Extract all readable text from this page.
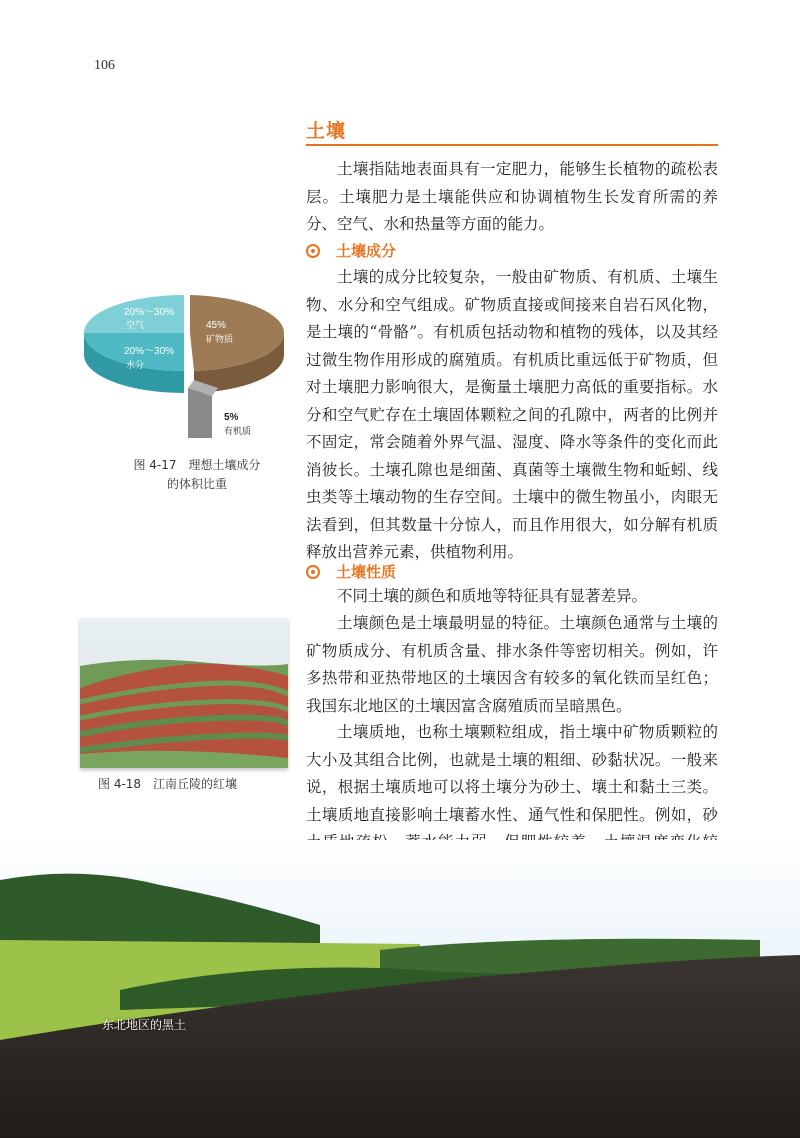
106
土壤

土壤指陆地表面具有一定肥力，能够生长植物的疏松表层。土壤肥力是土壤能供应和协调植物生长发育所需的养分、空气、水和热量等方面的能力。

土壤成分

土壤的成分比较复杂，一般由矿物质、有机质、土壤生物、水分和空气组成。矿物质直接或间接来自岩石风化物，是土壤的“骨骼”。有机质包括动物和植物的残体，以及其经过微生物作用形成的腐殖质。有机质比重远低于矿物质，但对土壤肥力影响很大，是衡量土壤肥力高低的重要指标。水分和空气贮存在土壤固体颗粒之间的孔隙中，两者的比例并不固定，常会随着外界气温、湿度、降水等条件的变化而此消彼长。土壤孔隙也是细菌、真菌等土壤微生物和蚯蚓、线虫类等土壤动物的生存空间。土壤中的微生物虽小，肉眼无法看到，但其数量十分惊人，而且作用很大，如分解有机质释放出营养元素，供植物利用。

土壤性质

不同土壤的颜色和质地等特征具有显著差异。

土壤颜色是土壤最明显的特征。土壤颜色通常与土壤的矿物质成分、有机质含量、排水条件等密切相关。例如，许多热带和亚热带地区的土壤因含有较多的氧化铁而呈红色；我国东北地区的土壤因富含腐殖质而呈暗黑色。

土壤质地，也称土壤颗粒组成，指土壤中矿物质颗粒的大小及其组合比例，也就是土壤的粗细、砂黏状况。一般来说，根据土壤质地可以将土壤分为砂土、壤土和黏土三类。土壤质地直接影响土壤蓄水性、通气性和保肥性。例如，砂

20%～30%
空气
20%～30%
水分
45%
矿物质
5%
有机质
图 4-17　理想土壤成分
的体积比重
图 4-18　江南丘陵的红壤
东北地区的黑土
